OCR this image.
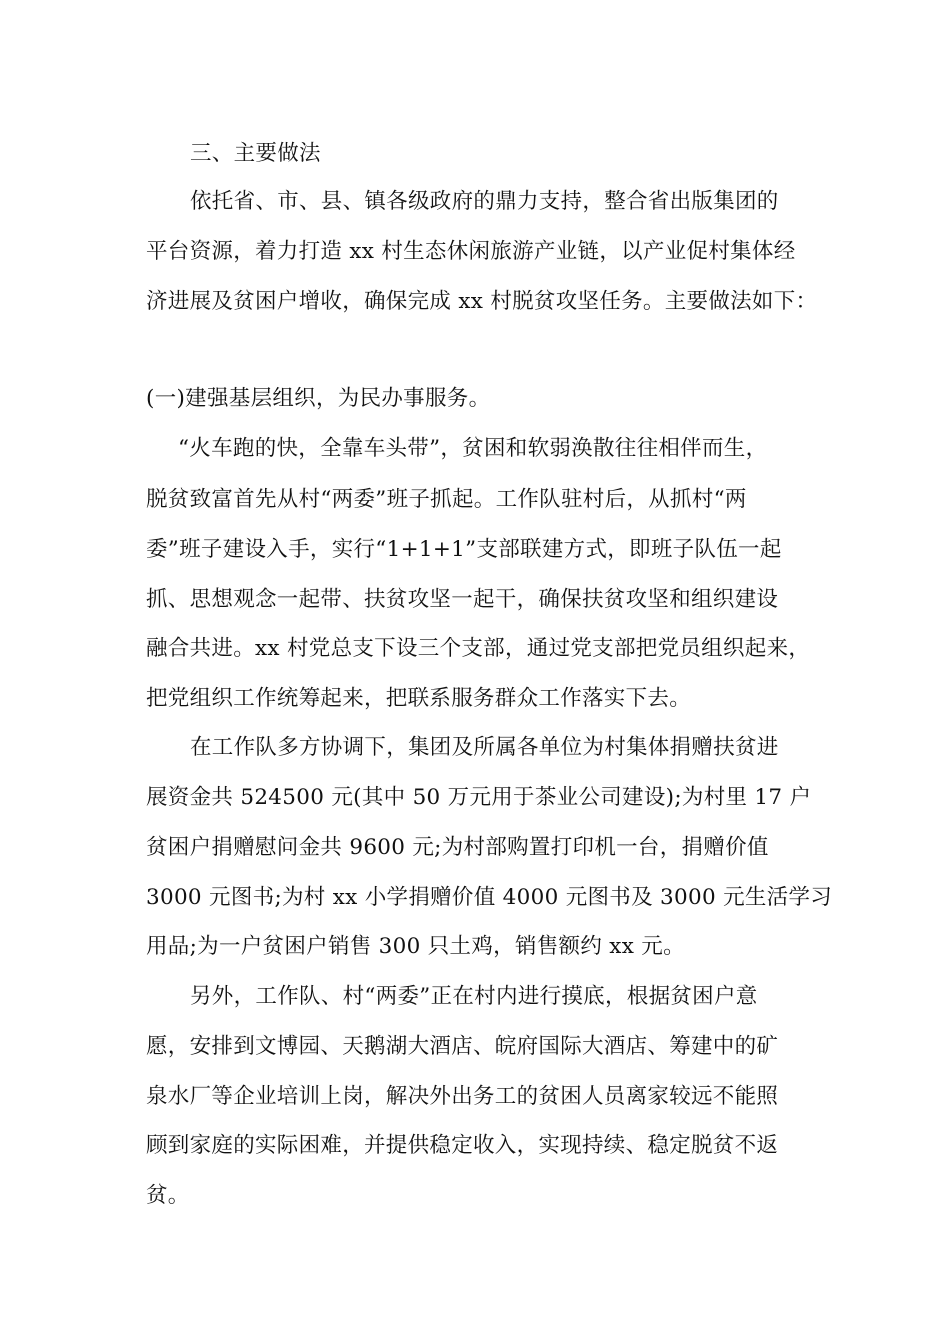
三、主要做法
依托省、市、县、镇各级政府的鼎力支持，整合省出版集团的
平台资源，着力打造 xx 村生态休闲旅游产业链，以产业促村集体经
济进展及贫困户增收，确保完成 xx 村脱贫攻坚任务。主要做法如下：
(一)建强基层组织，为民办事服务。
“火车跑的快，全靠车头带”，贫困和软弱涣散往往相伴而生，
脱贫致富首先从村“两委”班子抓起。工作队驻村后，从抓村“两
委”班子建设入手，实行“1+1+1”支部联建方式，即班子队伍一起
抓、思想观念一起带、扶贫攻坚一起干，确保扶贫攻坚和组织建设
融合共进。xx 村党总支下设三个支部，通过党支部把党员组织起来，
把党组织工作统筹起来，把联系服务群众工作落实下去。
在工作队多方协调下，集团及所属各单位为村集体捐赠扶贫进
展资金共 524500 元(其中 50 万元用于茶业公司建设);为村里 17 户
贫困户捐赠慰问金共 9600 元;为村部购置打印机一台，捐赠价值
3000 元图书;为村 xx 小学捐赠价值 4000 元图书及 3000 元生活学习
用品;为一户贫困户销售 300 只土鸡，销售额约 xx 元。
另外，工作队、村“两委”正在村内进行摸底，根据贫困户意
愿，安排到文博园、天鹅湖大酒店、皖府国际大酒店、筹建中的矿
泉水厂等企业培训上岗，解决外出务工的贫困人员离家较远不能照
顾到家庭的实际困难，并提供稳定收入，实现持续、稳定脱贫不返
贫。
